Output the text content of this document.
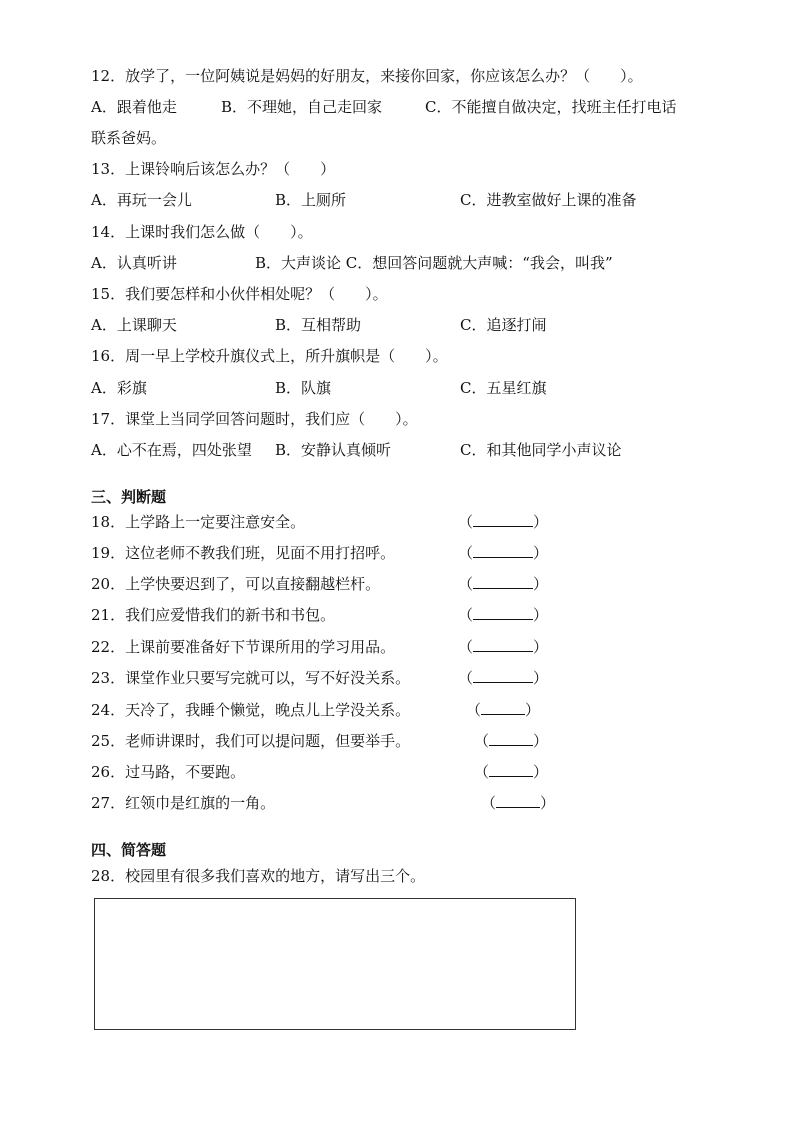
12．放学了，一位阿姨说是妈妈的好朋友，来接你回家，你应该怎么办？（　　）。
A．跟着他走	B．不理她，自己走回家	C．不能擅自做决定，找班主任打电话
联系爸妈。
13．上课铃响后该怎么办？（　　）
A．再玩一会儿	B．上厕所	C．进教室做好上课的准备
14．上课时我们怎么做（　　）。
A．认真听讲	B．大声谈论 C．想回答问题就大声喊：“我会，叫我”
15．我们要怎样和小伙伴相处呢？（　　）。
A．上课聊天	B．互相帮助	C．追逐打闹
16．周一早上学校升旗仪式上，所升旗帜是（　　）。
A．彩旗	B．队旗	C．五星红旗
17．课堂上当同学回答问题时，我们应（　　）。
A．心不在焉，四处张望 B．安静认真倾听	C．和其他同学小声议论
三、判断题
18．上学路上一定要注意安全。	（	）
19．这位老师不教我们班，见面不用打招呼。	（	）
20．上学快要迟到了，可以直接翻越栏杆。	（	）
21．我们应爱惜我们的新书和书包。	（	）
22．上课前要准备好下节课所用的学习用品。	（	）
23．课堂作业只要写完就可以，写不好没关系。	（	）
24．天冷了，我睡个懒觉，晚点儿上学没关系。	（	）
25．老师讲课时，我们可以提问题，但要举手。	（	）
26．过马路，不要跑。	（	）
27．红领巾是红旗的一角。	（	）
四、简答题
28．校园里有很多我们喜欢的地方，请写出三个。
